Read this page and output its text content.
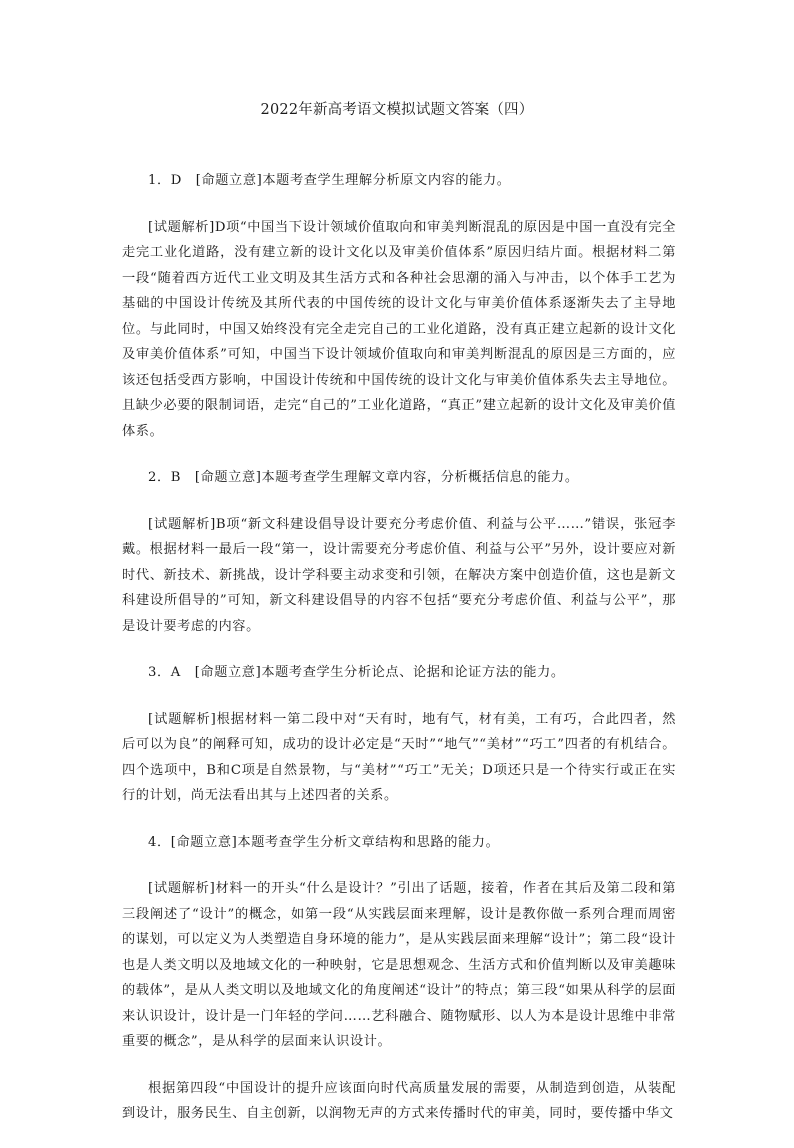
2022年新高考语文模拟试题文答案（四）

1．D　[命题立意]本题考查学生理解分析原文内容的能力。

[试题解析]D项“中国当下设计领域价值取向和审美判断混乱的原因是中国一直没有完全走完工业化道路，没有建立新的设计文化以及审美价值体系”原因归结片面。根据材料二第一段“随着西方近代工业文明及其生活方式和各种社会思潮的涌入与冲击，以个体手工艺为基础的中国设计传统及其所代表的中国传统的设计文化与审美价值体系逐渐失去了主导地位。与此同时，中国又始终没有完全走完自己的工业化道路，没有真正建立起新的设计文化及审美价值体系”可知，中国当下设计领域价值取向和审美判断混乱的原因是三方面的，应该还包括受西方影响，中国设计传统和中国传统的设计文化与审美价值体系失去主导地位。且缺少必要的限制词语，走完“自己的”工业化道路，“真正”建立起新的设计文化及审美价值体系。

2．B　[命题立意]本题考查学生理解文章内容，分析概括信息的能力。

[试题解析]B项“新文科建设倡导设计要充分考虑价值、利益与公平……”错误，张冠李戴。根据材料一最后一段“第一，设计需要充分考虑价值、利益与公平”另外，设计要应对新时代、新技术、新挑战，设计学科要主动求变和引领，在解决方案中创造价值，这也是新文科建设所倡导的”可知，新文科建设倡导的内容不包括“要充分考虑价值、利益与公平”，那是设计要考虑的内容。

3．A　[命题立意]本题考查学生分析论点、论据和论证方法的能力。

[试题解析]根据材料一第二段中对“天有时，地有气，材有美，工有巧，合此四者，然后可以为良”的阐释可知，成功的设计必定是“天时”“地气”“美材”“巧工”四者的有机结合。四个选项中，B和C项是自然景物，与“美材”“巧工”无关；D项还只是一个待实行或正在实行的计划，尚无法看出其与上述四者的关系。

4．[命题立意]本题考查学生分析文章结构和思路的能力。

[试题解析]材料一的开头“什么是设计？”引出了话题，接着，作者在其后及第二段和第三段阐述了“设计”的概念，如第一段“从实践层面来理解，设计是教你做一系列合理而周密的谋划，可以定义为人类塑造自身环境的能力”，是从实践层面来理解“设计”；第二段“设计也是人类文明以及地域文化的一种映射，它是思想观念、生活方式和价值判断以及审美趣味的载体”，是从人类文明以及地域文化的角度阐述“设计”的特点；第三段“如果从科学的层面来认识设计，设计是一门年轻的学问……艺科融合、随物赋形、以人为本是设计思维中非常重要的概念”，是从科学的层面来认识设计。

根据第四段“中国设计的提升应该面向时代高质量发展的需要，从制造到创造，从装配到设计，服务民生、自主创新，以润物无声的方式来传播时代的审美，同时，要传播中华文
